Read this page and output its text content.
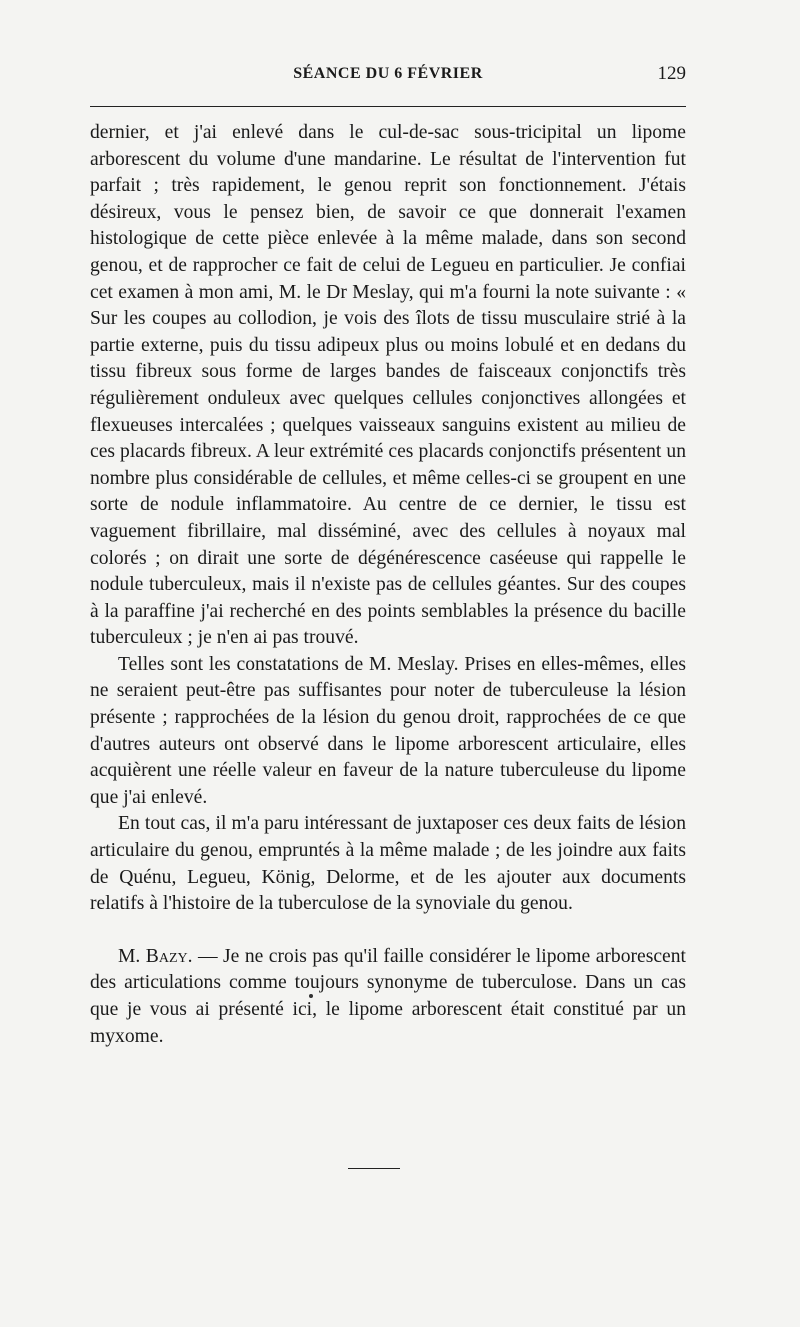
SÉANCE DU 6 FÉVRIER	129

dernier, et j'ai enlevé dans le cul-de-sac sous-tricipital un lipome arborescent du volume d'une mandarine. Le résultat de l'intervention fut parfait ; très rapidement, le genou reprit son fonctionnement. J'étais désireux, vous le pensez bien, de savoir ce que donnerait l'examen histologique de cette pièce enlevée à la même malade, dans son second genou, et de rapprocher ce fait de celui de Legueu en particulier. Je confiai cet examen à mon ami, M. le Dr Meslay, qui m'a fourni la note suivante : « Sur les coupes au collodion, je vois des îlots de tissu musculaire strié à la partie externe, puis du tissu adipeux plus ou moins lobulé et en dedans du tissu fibreux sous forme de larges bandes de faisceaux conjonctifs très régulièrement onduleux avec quelques cellules conjonctives allongées et flexueuses intercalées ; quelques vaisseaux sanguins existent au milieu de ces placards fibreux. A leur extrémité ces placards conjonctifs présentent un nombre plus considérable de cellules, et même celles-ci se groupent en une sorte de nodule inflammatoire. Au centre de ce dernier, le tissu est vaguement fibrillaire, mal disséminé, avec des cellules à noyaux mal colorés ; on dirait une sorte de dégénérescence caséeuse qui rappelle le nodule tuberculeux, mais il n'existe pas de cellules géantes. Sur des coupes à la paraffine j'ai recherché en des points semblables la présence du bacille tuberculeux ; je n'en ai pas trouvé.

Telles sont les constatations de M. Meslay. Prises en elles-mêmes, elles ne seraient peut-être pas suffisantes pour noter de tuberculeuse la lésion présente ; rapprochées de la lésion du genou droit, rapprochées de ce que d'autres auteurs ont observé dans le lipome arborescent articulaire, elles acquièrent une réelle valeur en faveur de la nature tuberculeuse du lipome que j'ai enlevé.

En tout cas, il m'a paru intéressant de juxtaposer ces deux faits de lésion articulaire du genou, empruntés à la même malade ; de les joindre aux faits de Quénu, Legueu, König, Delorme, et de les ajouter aux documents relatifs à l'histoire de la tuberculose de la synoviale du genou.

M. Bazy. — Je ne crois pas qu'il faille considérer le lipome arborescent des articulations comme toujours synonyme de tuberculose. Dans un cas que je vous ai présenté ici, le lipome arborescent était constitué par un myxome.
